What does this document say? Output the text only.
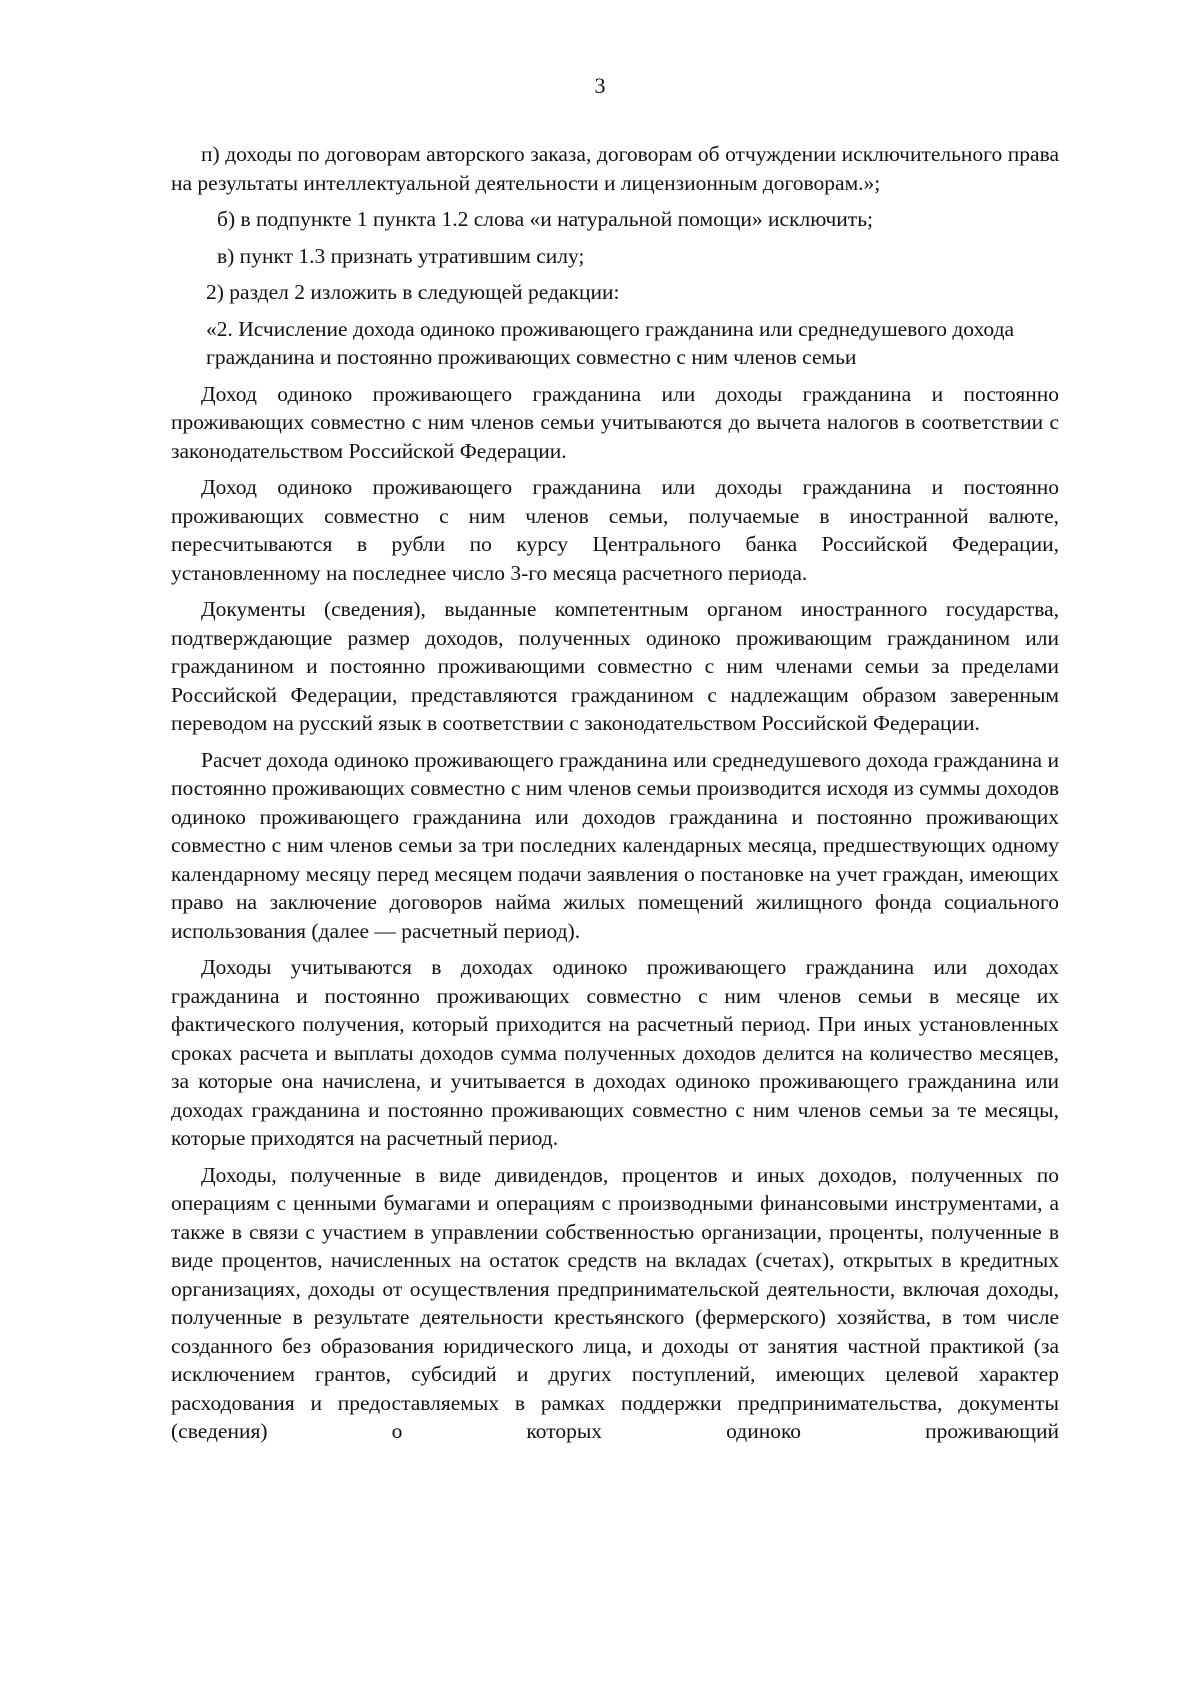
3

п) доходы по договорам авторского заказа, договорам об отчуждении исключительного права на результаты интеллектуальной деятельности и лицензионным договорам.»;

б) в подпункте 1 пункта 1.2 слова «и натуральной помощи» исключить;

в) пункт 1.3 признать утратившим силу;

2) раздел 2 изложить в следующей редакции:

«2. Исчисление дохода одиноко проживающего гражданина или среднедушевого дохода гражданина и постоянно проживающих совместно с ним членов семьи

Доход одиноко проживающего гражданина или доходы гражданина и постоянно проживающих совместно с ним членов семьи учитываются до вычета налогов в соответствии с законодательством Российской Федерации.

Доход одиноко проживающего гражданина или доходы гражданина и постоянно проживающих совместно с ним членов семьи, получаемые в иностранной валюте, пересчитываются в рубли по курсу Центрального банка Российской Федерации, установленному на последнее число 3-го месяца расчетного периода.

Документы (сведения), выданные компетентным органом иностранного государства, подтверждающие размер доходов, полученных одиноко проживающим гражданином или гражданином и постоянно проживающими совместно с ним членами семьи за пределами Российской Федерации, представляются гражданином с надлежащим образом заверенным переводом на русский язык в соответствии с законодательством Российской Федерации.

Расчет дохода одиноко проживающего гражданина или среднедушевого дохода гражданина и постоянно проживающих совместно с ним членов семьи производится исходя из суммы доходов одиноко проживающего гражданина или доходов гражданина и постоянно проживающих совместно с ним членов семьи за три последних календарных месяца, предшествующих одному календарному месяцу перед месяцем подачи заявления о постановке на учет граждан, имеющих право на заключение договоров найма жилых помещений жилищного фонда социального использования (далее — расчетный период).

Доходы учитываются в доходах одиноко проживающего гражданина или доходах гражданина и постоянно проживающих совместно с ним членов семьи в месяце их фактического получения, который приходится на расчетный период. При иных установленных сроках расчета и выплаты доходов сумма полученных доходов делится на количество месяцев, за которые она начислена, и учитывается в доходах одиноко проживающего гражданина или доходах гражданина и постоянно проживающих совместно с ним членов семьи за те месяцы, которые приходятся на расчетный период.

Доходы, полученные в виде дивидендов, процентов и иных доходов, полученных по операциям с ценными бумагами и операциям с производными финансовыми инструментами, а также в связи с участием в управлении собственностью организации, проценты, полученные в виде процентов, начисленных на остаток средств на вкладах (счетах), открытых в кредитных организациях, доходы от осуществления предпринимательской деятельности, включая доходы, полученные в результате деятельности крестьянского (фермерского) хозяйства, в том числе созданного без образования юридического лица, и доходы от занятия частной практикой (за исключением грантов, субсидий и других поступлений, имеющих целевой характер расходования и предоставляемых в рамках поддержки предпринимательства, документы (сведения) о которых одиноко проживающий
